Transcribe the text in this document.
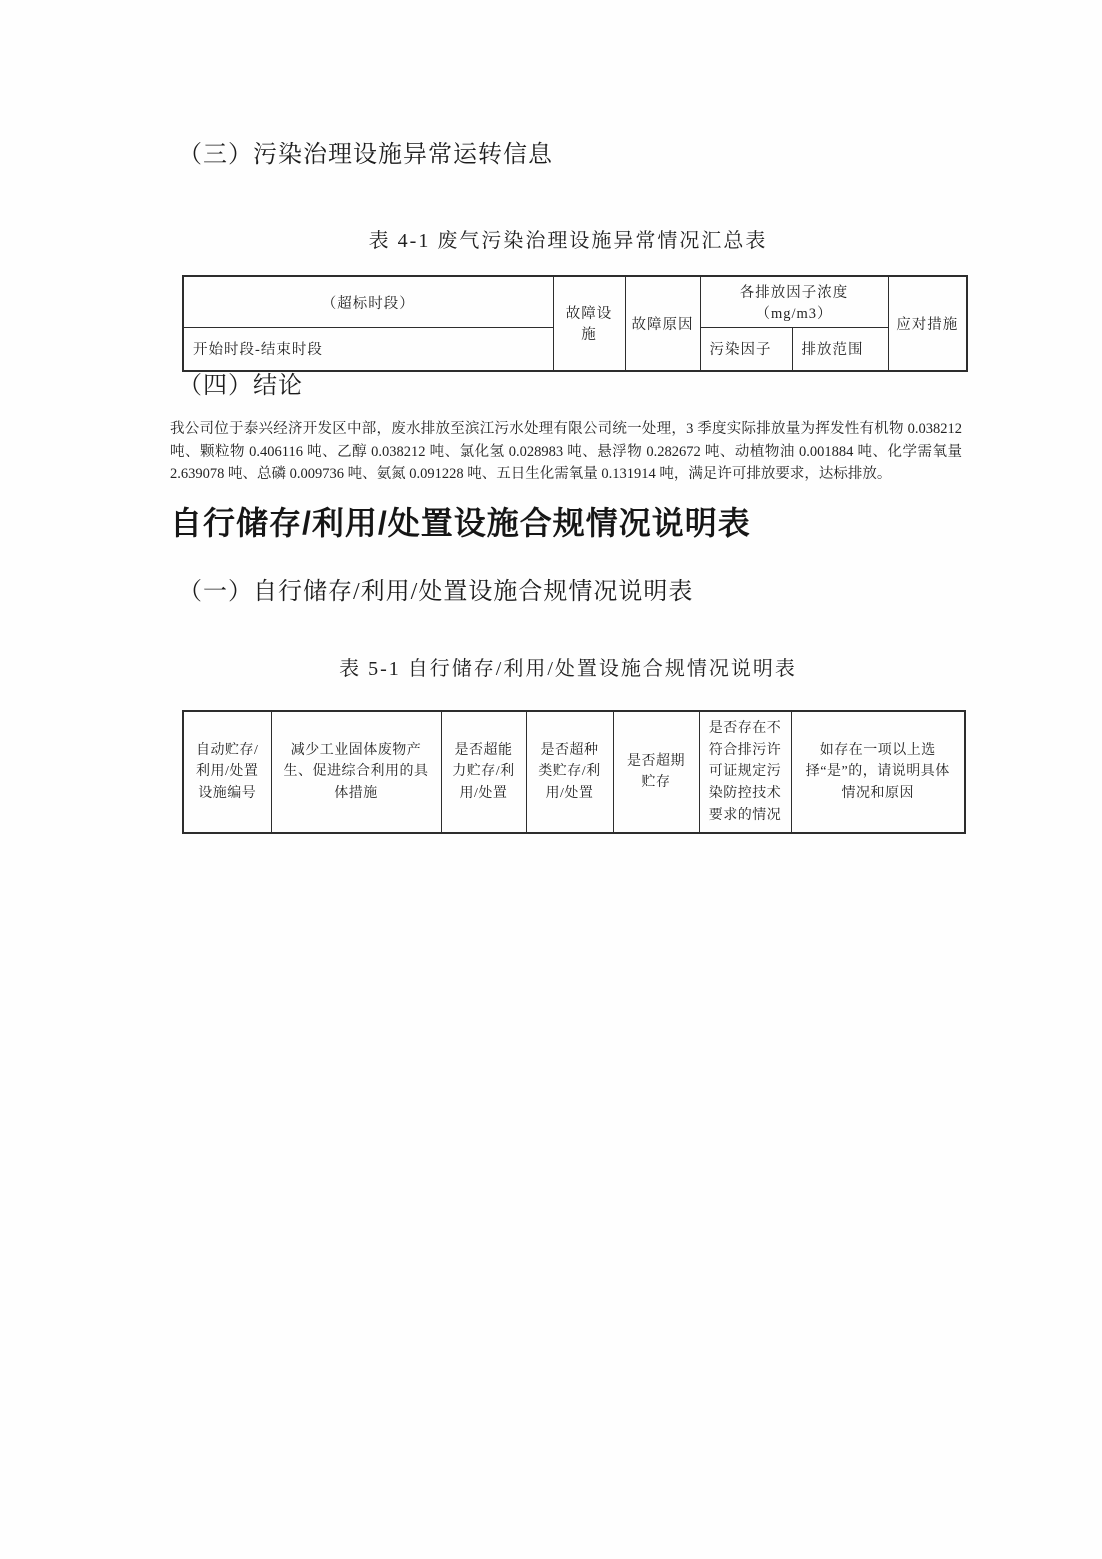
（三）污染治理设施异常运转信息
表 4-1 废气污染治理设施异常情况汇总表
（超标时段）	故障设施	故障原因	各排放因子浓度（mg/m3）		应对措施
开始时段-结束时段			污染因子	排放范围	
（四）结论
我公司位于泰兴经济开发区中部，废水排放至滨江污水处理有限公司统一处理，3 季度实际排放量为挥发性有机物 0.038212 吨、颗粒物 0.406116 吨、乙醇 0.038212 吨、氯化氢 0.028983 吨、悬浮物 0.282672 吨、动植物油 0.001884 吨、化学需氧量 2.639078 吨、总磷 0.009736 吨、氨氮 0.091228 吨、五日生化需氧量 0.131914 吨，满足许可排放要求，达标排放。
自行储存/利用/处置设施合规情况说明表
（一）自行储存/利用/处置设施合规情况说明表
表 5-1 自行储存/利用/处置设施合规情况说明表
自动贮存/利用/处置设施编号	减少工业固体废物产生、促进综合利用的具体措施	是否超能力贮存/利用/处置	是否超种类贮存/利用/处置	是否超期贮存	是否存在不符合排污许可证规定污染防控技术要求的情况	如存在一项以上选择“是”的，请说明具体情况和原因
